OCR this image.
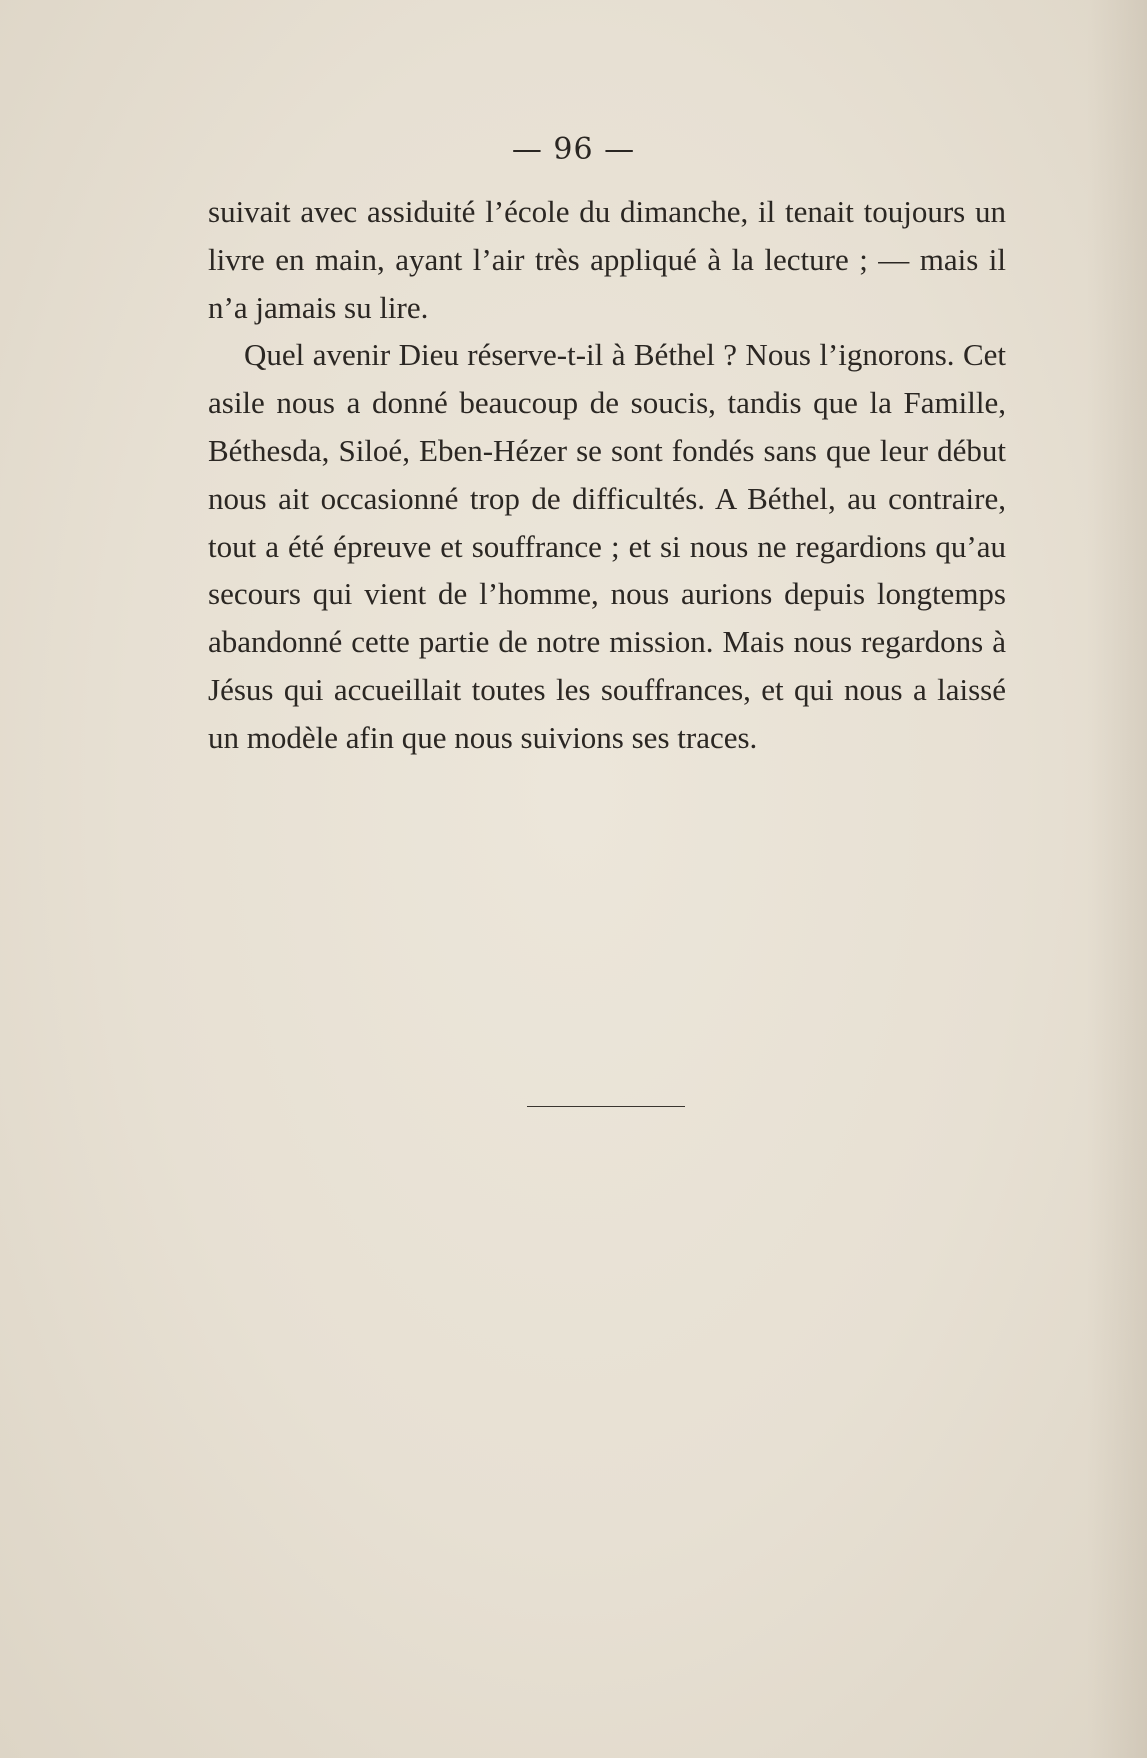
— 96 —

suivait avec assiduité l’école du dimanche, il tenait toujours un livre en main, ayant l’air très appliqué à la lecture ; — mais il n’a jamais su lire.

Quel avenir Dieu réserve-t-il à Béthel ? Nous l’ignorons. Cet asile nous a donné beaucoup de soucis, tandis que la Famille, Béthesda, Siloé, Eben-Hézer se sont fondés sans que leur début nous ait occasionné trop de difficultés. A Béthel, au contraire, tout a été épreuve et souffrance ; et si nous ne regardions qu’au secours qui vient de l’homme, nous aurions depuis longtemps abandonné cette partie de notre mission. Mais nous regardons à Jésus qui accueillait toutes les souffrances, et qui nous a laissé un modèle afin que nous suivions ses traces.
